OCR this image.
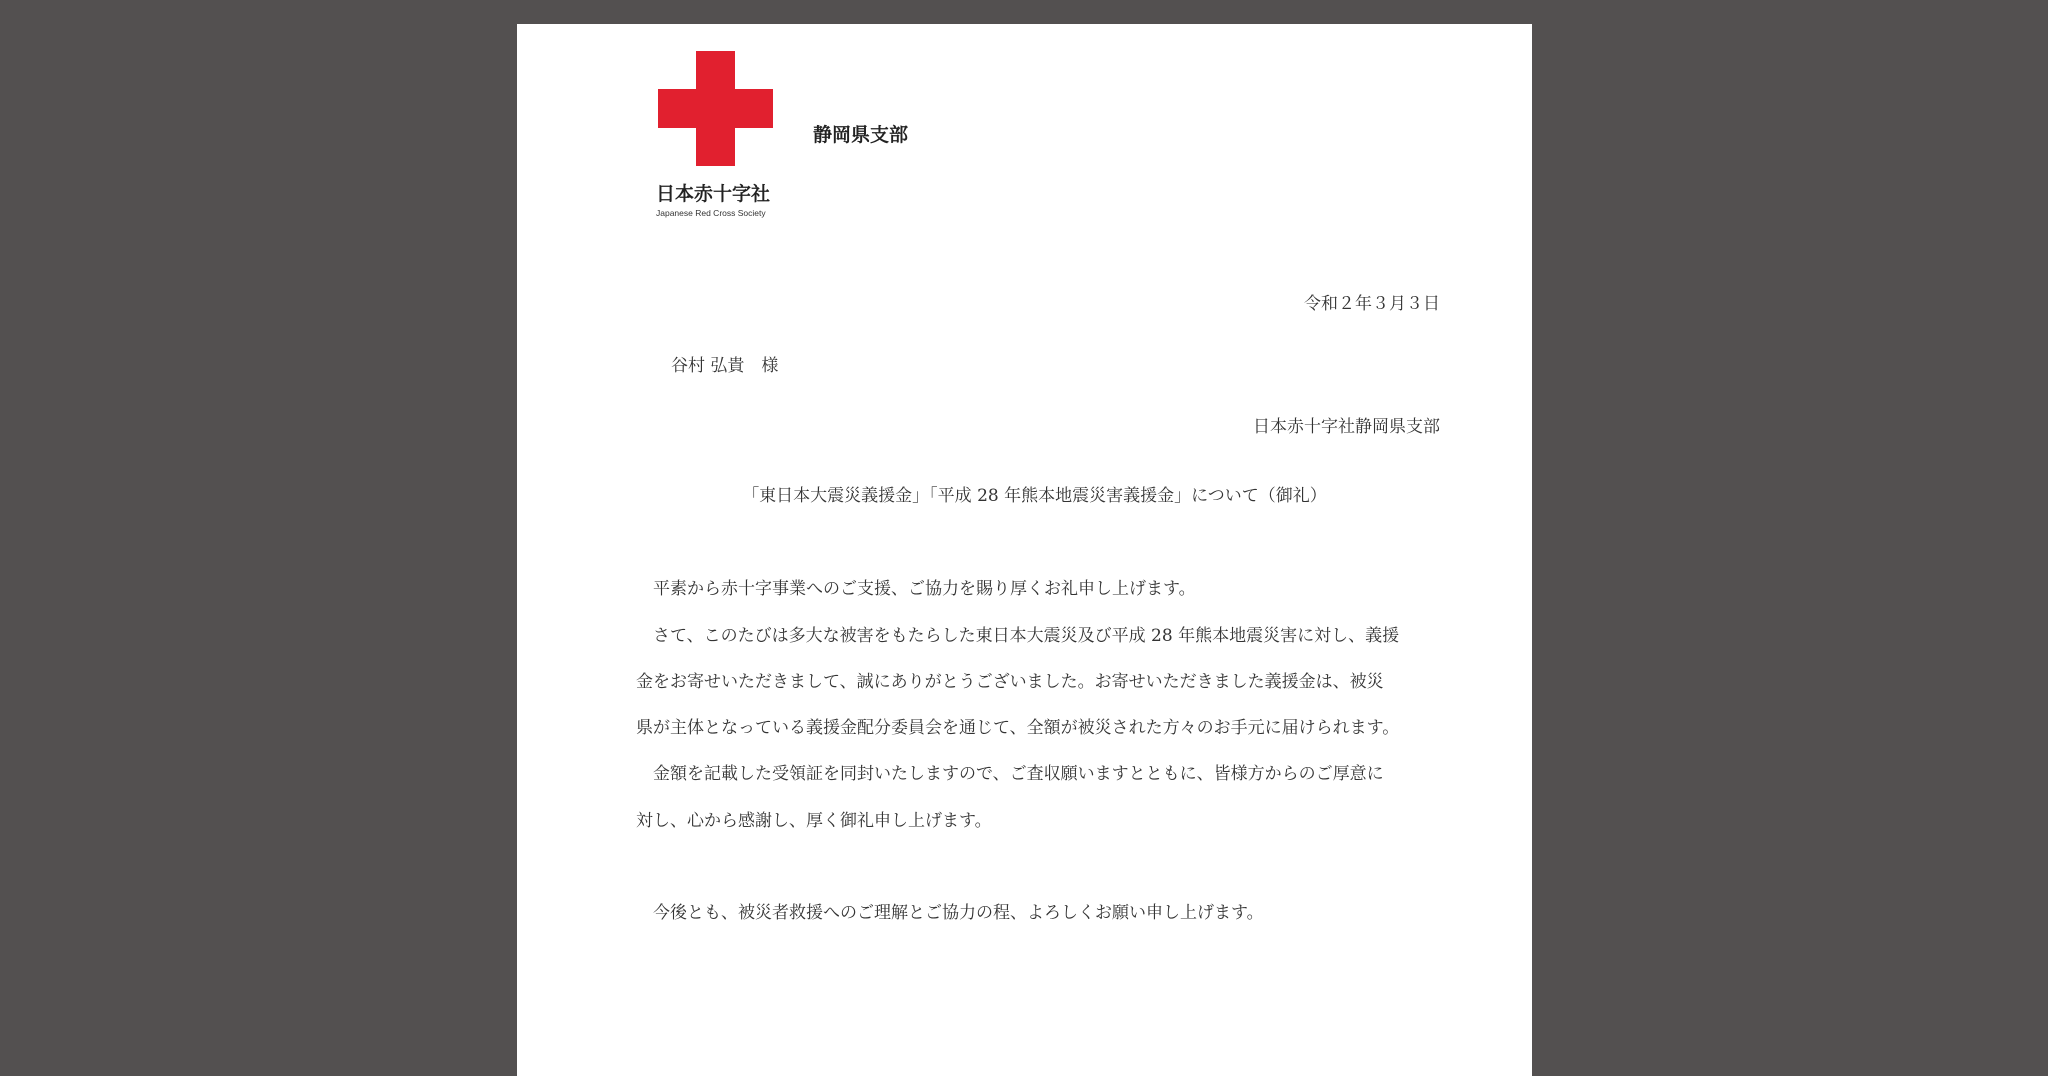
日本赤十字社
Japanese Red Cross Society
静岡県支部
令和２年３月３日
谷村 弘貴　様
日本赤十字社静岡県支部
「東日本大震災義援金」「平成 28 年熊本地震災害義援金」について（御礼）
平素から赤十字事業へのご支援、ご協力を賜り厚くお礼申し上げます。
さて、このたびは多大な被害をもたらした東日本大震災及び平成 28 年熊本地震災害に対し、義援
金をお寄せいただきまして、誠にありがとうございました。お寄せいただきました義援金は、被災
県が主体となっている義援金配分委員会を通じて、全額が被災された方々のお手元に届けられます。
金額を記載した受領証を同封いたしますので、ご査収願いますとともに、皆様方からのご厚意に
対し、心から感謝し、厚く御礼申し上げます。
今後とも、被災者救援へのご理解とご協力の程、よろしくお願い申し上げます。
